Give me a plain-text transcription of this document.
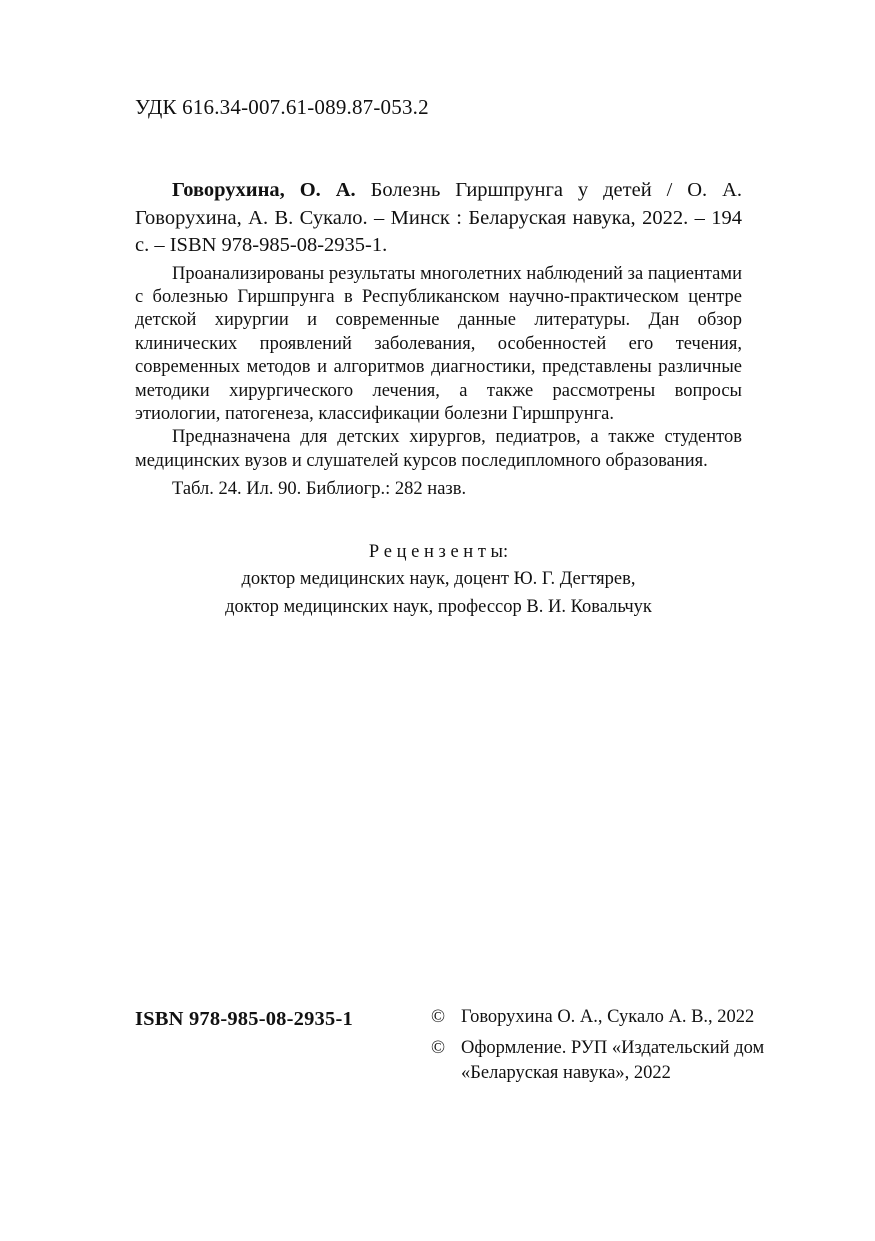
УДК 616.34-007.61-089.87-053.2

Говорухина, О. А. Болезнь Гиршпрунга у детей / О. А. Говорухина, А. В. Сукало. – Минск : Беларуская навука, 2022. – 194 с. – ISBN 978-985-08-2935-1.

Проанализированы результаты многолетних наблюдений за пациентами с болезнью Гиршпрунга в Республиканском научно-практическом центре детской хирургии и современные данные литературы. Дан обзор клинических проявлений заболевания, особенностей его течения, современных методов и алгоритмов диагностики, представлены различные методики хирургического лечения, а также рассмотрены вопросы этиологии, патогенеза, классификации болезни Гиршпрунга.

Предназначена для детских хирургов, педиатров, а также студентов медицинских вузов и слушателей курсов последипломного образования.

Табл. 24. Ил. 90. Библиогр.: 282 назв.

Р е ц е н з е н т ы:
доктор медицинских наук, доцент Ю. Г. Дегтярев,
доктор медицинских наук, профессор В. И. Ковальчук
ISBN 978-985-08-2935-1	© Говорухина О. А., Сукало А. В., 2022
© Оформление. РУП «Издательский дом «Беларуская навука», 2022
